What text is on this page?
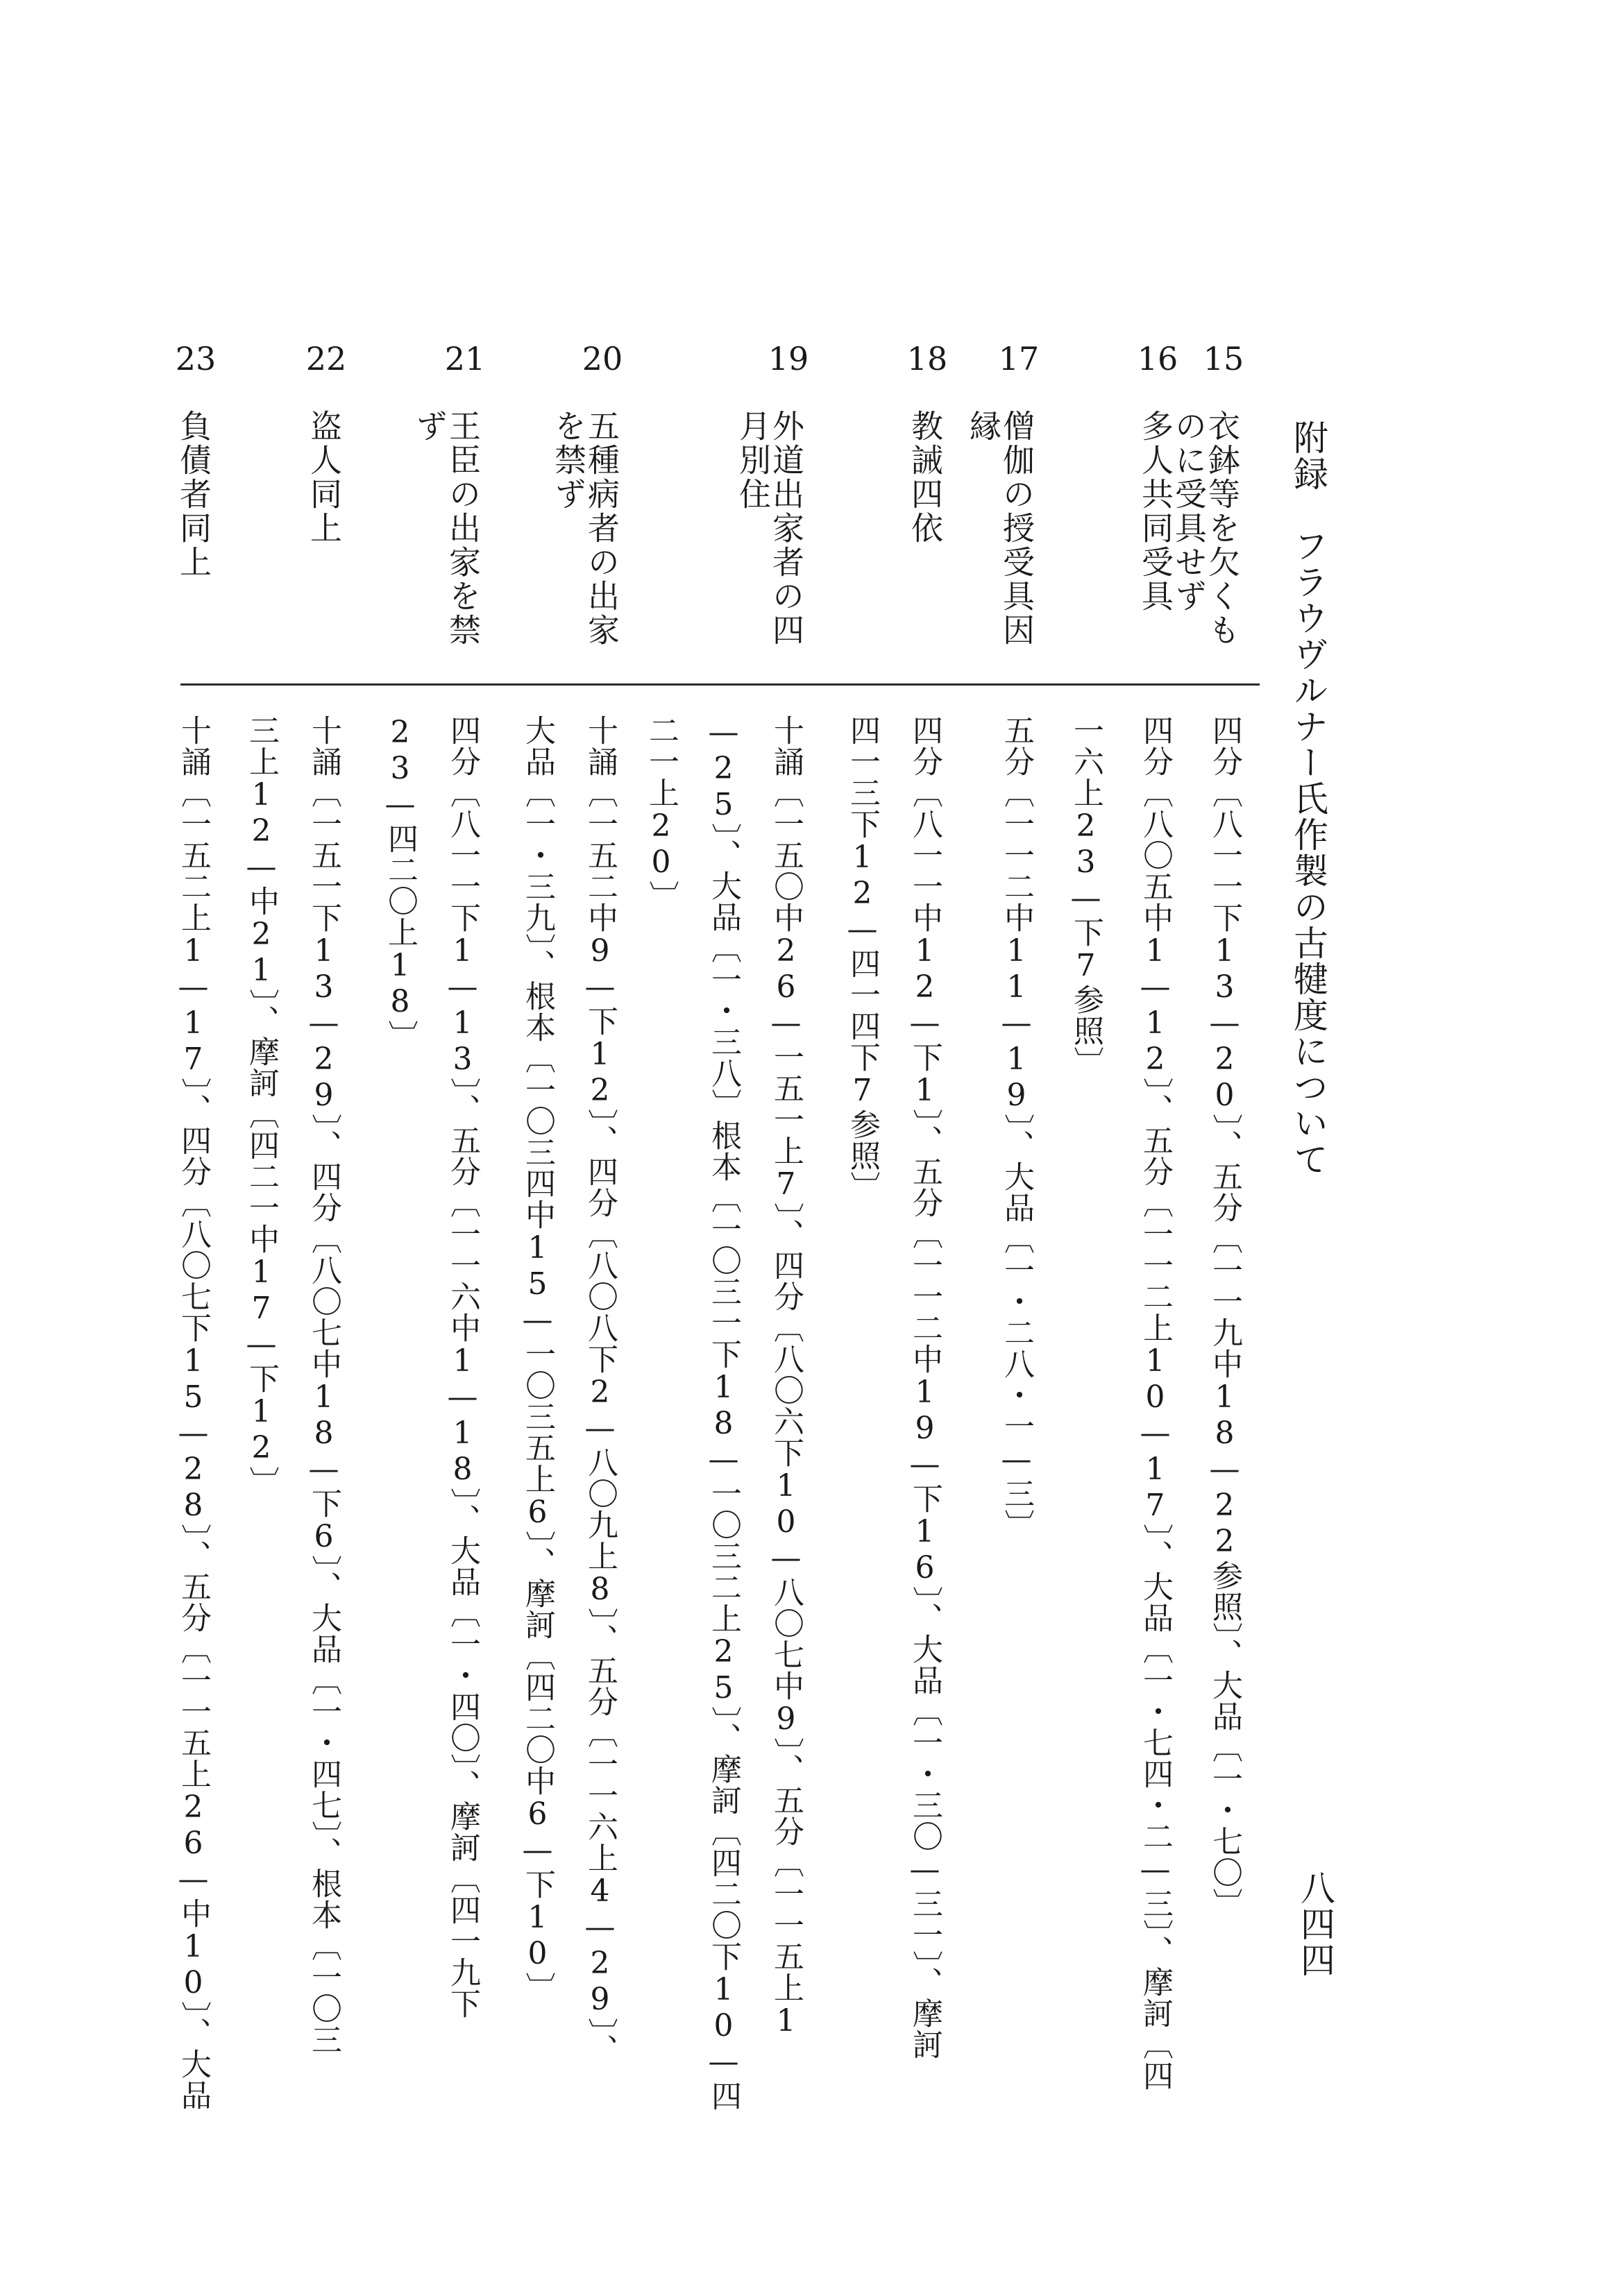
附録　フラウヴルナー氏作製の古犍度について
八四四
15
衣鉢等を欠くも
のに受具せず
四分〔八一一下13—20〕、五分〔一一九中18—22参照〕、大品〔一・七〇〕
16
多人共同受具
四分〔八〇五中1—12〕、五分〔一一二上10—17〕、大品〔一・七四・二—三〕、摩訶〔四
一六上23—下7参照〕
17
僧伽の授受具因
縁
五分〔一一二中11—19〕、大品〔一・二八・一—三〕
18
教誡四依
四分〔八一一中12—下1〕、五分〔一一二中19—下16〕、大品〔一・三〇—三一〕、摩訶
四一三下12—四一四下7参照〕
19
外道出家者の四
月別住
十誦〔一五〇中26—一五一上7〕、四分〔八〇六下10—八〇七中9〕、五分〔一一五上1
—25〕、大品〔一・三八〕根本〔一〇三一下18—一〇三二上25〕、摩訶〔四二〇下10—四
二一上20〕
20
五種病者の出家
を禁ず
十誦〔一五二中9—下12〕、四分〔八〇八下2—八〇九上8〕、五分〔一一六上4—29〕、
大品〔一・三九〕、根本〔一〇三四中15—一〇三五上6〕、摩訶〔四二〇中6—下10〕
21
王臣の出家を禁
ず
四分〔八一一下1—13〕、五分〔一一六中1—18〕、大品〔一・四〇〕、摩訶〔四一九下
23—四二〇上18〕
22
盗人同上
十誦〔一五一下13—29〕、四分〔八〇七中18—下6〕、大品〔一・四七〕、根本〔一〇三
三上12—中21〕、摩訶〔四二一中17—下12〕
23
負債者同上
十誦〔一五二上1—17〕、四分〔八〇七下15—28〕、五分〔一一五上26—中10〕、大品
